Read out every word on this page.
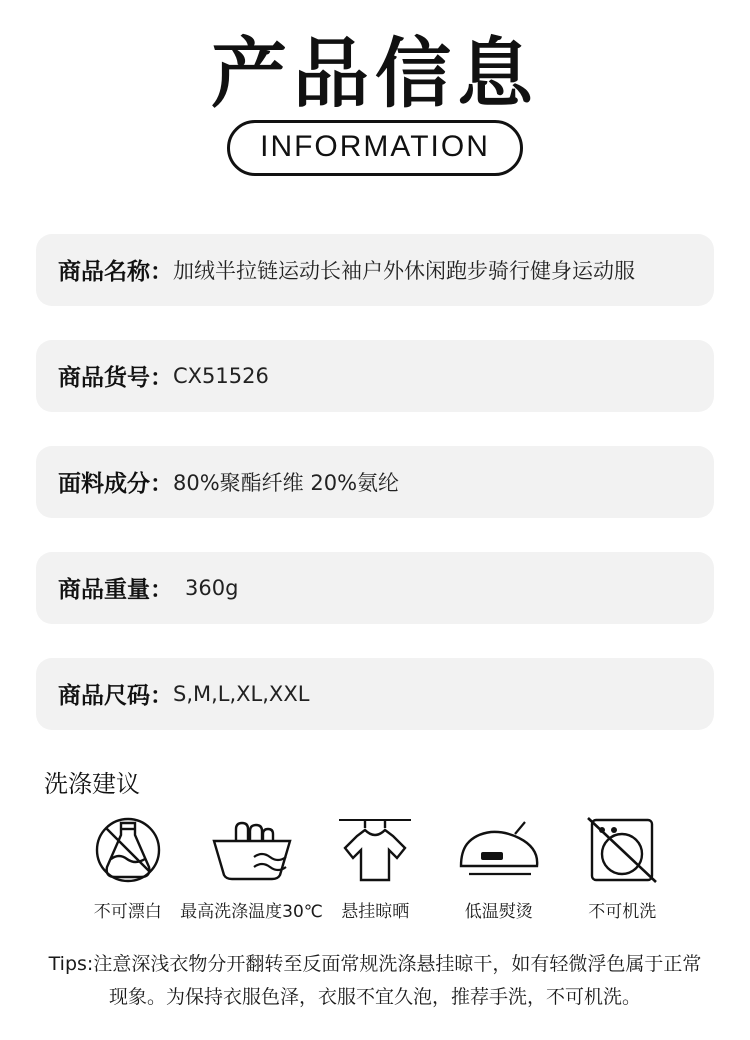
产品信息
INFORMATION
商品名称： 加绒半拉链运动长袖户外休闲跑步骑行健身运动服
商品货号： CX51526
面料成分： 80%聚酯纤维 20%氨纶
商品重量： 360g
商品尺码： S,M,L,XL,XXL
洗涤建议
不可漂白 最高洗涤温度30℃ 悬挂晾晒	低温熨烫	不可机洗
Tips:注意深浅衣物分开翻转至反面常规洗涤悬挂晾干，如有轻微浮色属于正常
现象。为保持衣服色泽，衣服不宜久泡，推荐手洗，不可机洗。
